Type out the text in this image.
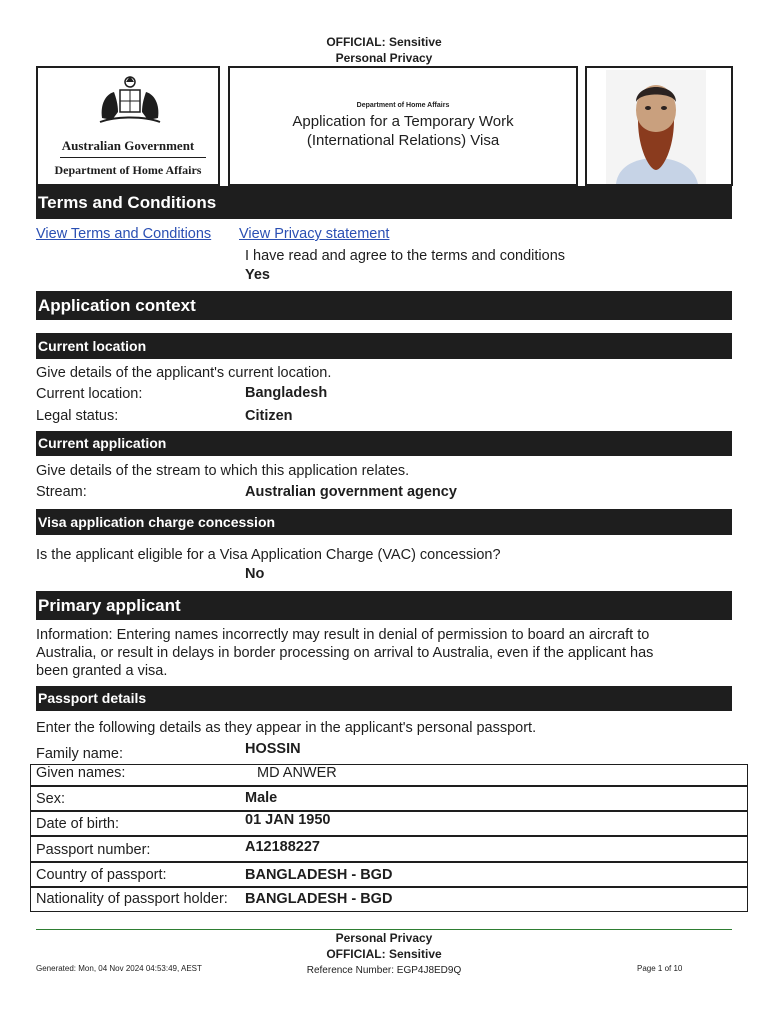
OFFICIAL: Sensitive
Personal Privacy
Australian Government
Department of Home Affairs
Department of Home Affairs
Application for a Temporary Work
(International Relations) Visa
Terms and Conditions
View Terms and Conditions View Privacy statement
I have read and agree to the terms and conditions
Yes
Application context
Current location
Give details of the applicant's current location.
Current location:	Bangladesh
Legal status:	Citizen
Current application
Give details of the stream to which this application relates.
Stream:	Australian government agency
Visa application charge concession
Is the applicant eligible for a Visa Application Charge (VAC) concession?
No
Primary applicant
Information: Entering names incorrectly may result in denial of permission to board an aircraft to
Australia, or result in delays in border processing on arrival to Australia, even if the applicant has
been granted a visa.
Passport details
Enter the following details as they appear in the applicant's personal passport.
Family name:	HOSSIN
Given names:	MD ANWER
Sex:	Male
Date of birth:	01 JAN 1950
Passport number:	A12188227
Country of passport:	BANGLADESH - BGD
Nationality of passport holder: BANGLADESH - BGD
Personal Privacy
OFFICIAL: Sensitive
Generated: Mon, 04 Nov 2024 04:53:49, AEST	Reference Number: EGP4J8ED9Q	Page 1 of 10
